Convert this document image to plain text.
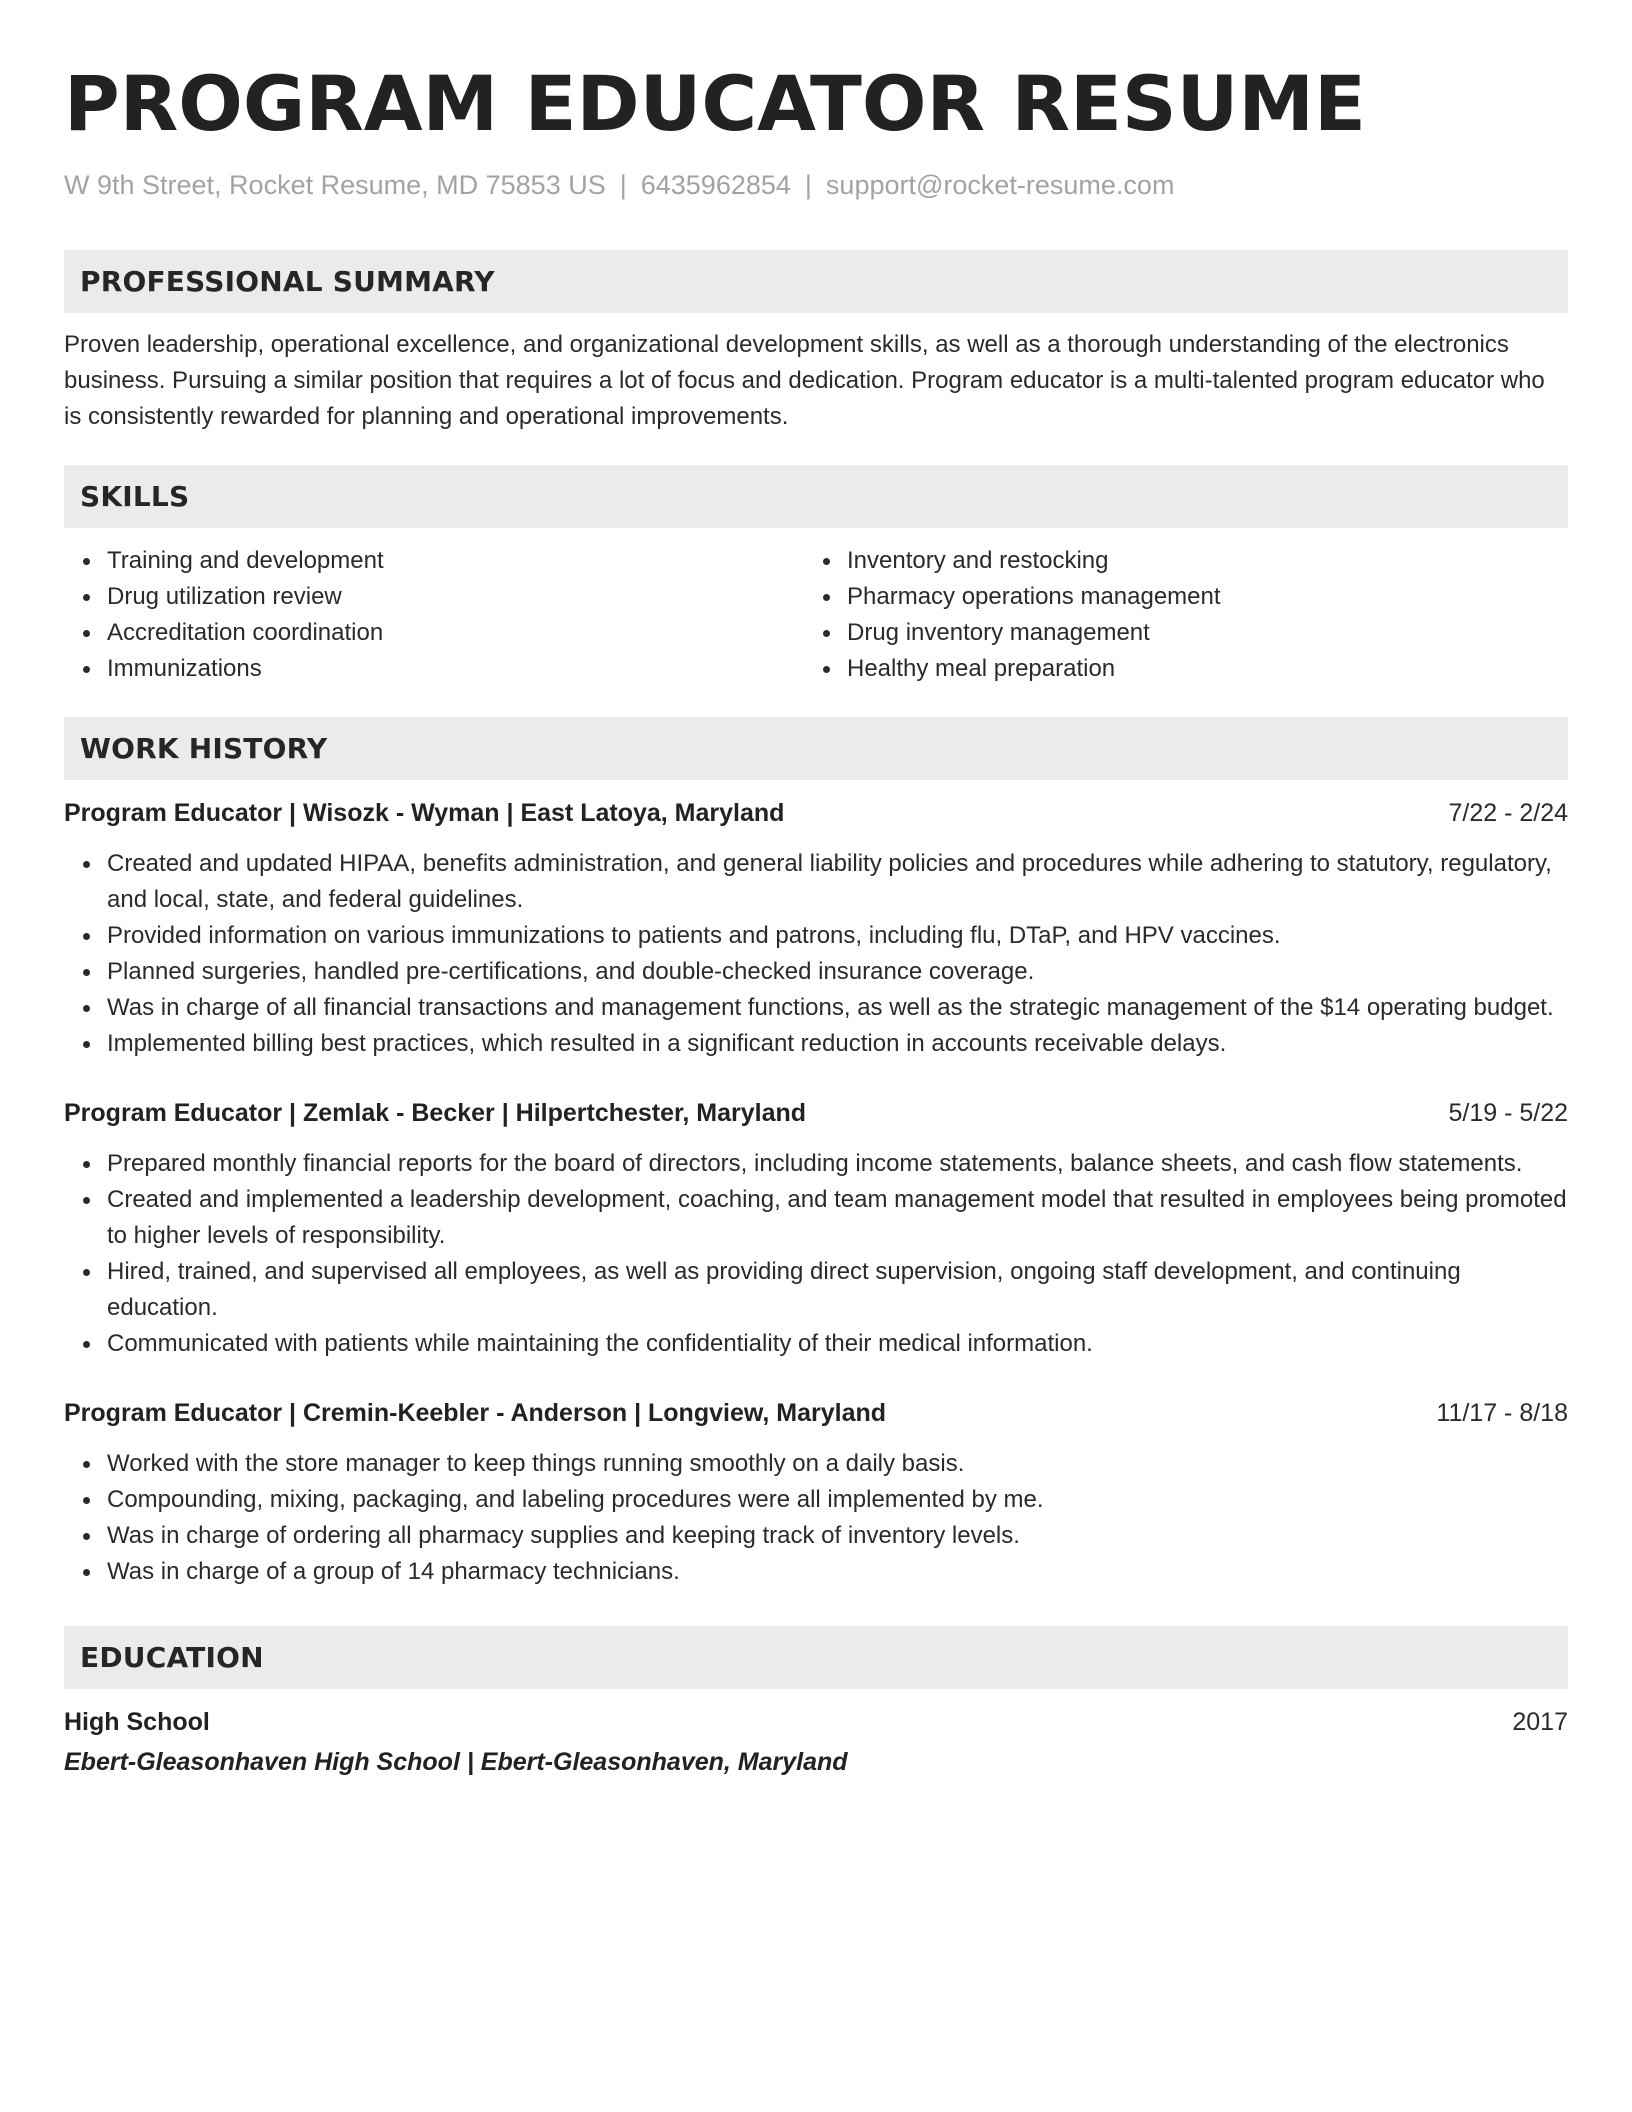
PROGRAM EDUCATOR RESUME
W 9th Street, Rocket Resume, MD 75853 US | 6435962854 | support@rocket-resume.com
PROFESSIONAL SUMMARY

Proven leadership, operational excellence, and organizational development skills, as well as a thorough understanding of the electronics business. Pursuing a similar position that requires a lot of focus and dedication. Program educator is a multi-talented program educator who is consistently rewarded for planning and operational improvements.

SKILLS
Training and development
Drug utilization review
Accreditation coordination
Immunizations
Inventory and restocking
Pharmacy operations management
Drug inventory management
Healthy meal preparation
WORK HISTORY
Program Educator | Wisozk - Wyman | East Latoya, Maryland	7/22 - 2/24
Created and updated HIPAA, benefits administration, and general liability policies and procedures while adhering to statutory, regulatory, and local, state, and federal guidelines.
Provided information on various immunizations to patients and patrons, including flu, DTaP, and HPV vaccines.
Planned surgeries, handled pre-certifications, and double-checked insurance coverage.
Was in charge of all financial transactions and management functions, as well as the strategic management of the $14 operating budget.
Implemented billing best practices, which resulted in a significant reduction in accounts receivable delays.
Program Educator | Zemlak - Becker | Hilpertchester, Maryland	5/19 - 5/22
Prepared monthly financial reports for the board of directors, including income statements, balance sheets, and cash flow statements.
Created and implemented a leadership development, coaching, and team management model that resulted in employees being promoted to higher levels of responsibility.
Hired, trained, and supervised all employees, as well as providing direct supervision, ongoing staff development, and continuing education.
Communicated with patients while maintaining the confidentiality of their medical information.
Program Educator | Cremin-Keebler - Anderson | Longview, Maryland	11/17 - 8/18
Worked with the store manager to keep things running smoothly on a daily basis.
Compounding, mixing, packaging, and labeling procedures were all implemented by me.
Was in charge of ordering all pharmacy supplies and keeping track of inventory levels.
Was in charge of a group of 14 pharmacy technicians.
EDUCATION
High School	2017
Ebert-Gleasonhaven High School | Ebert-Gleasonhaven, Maryland
